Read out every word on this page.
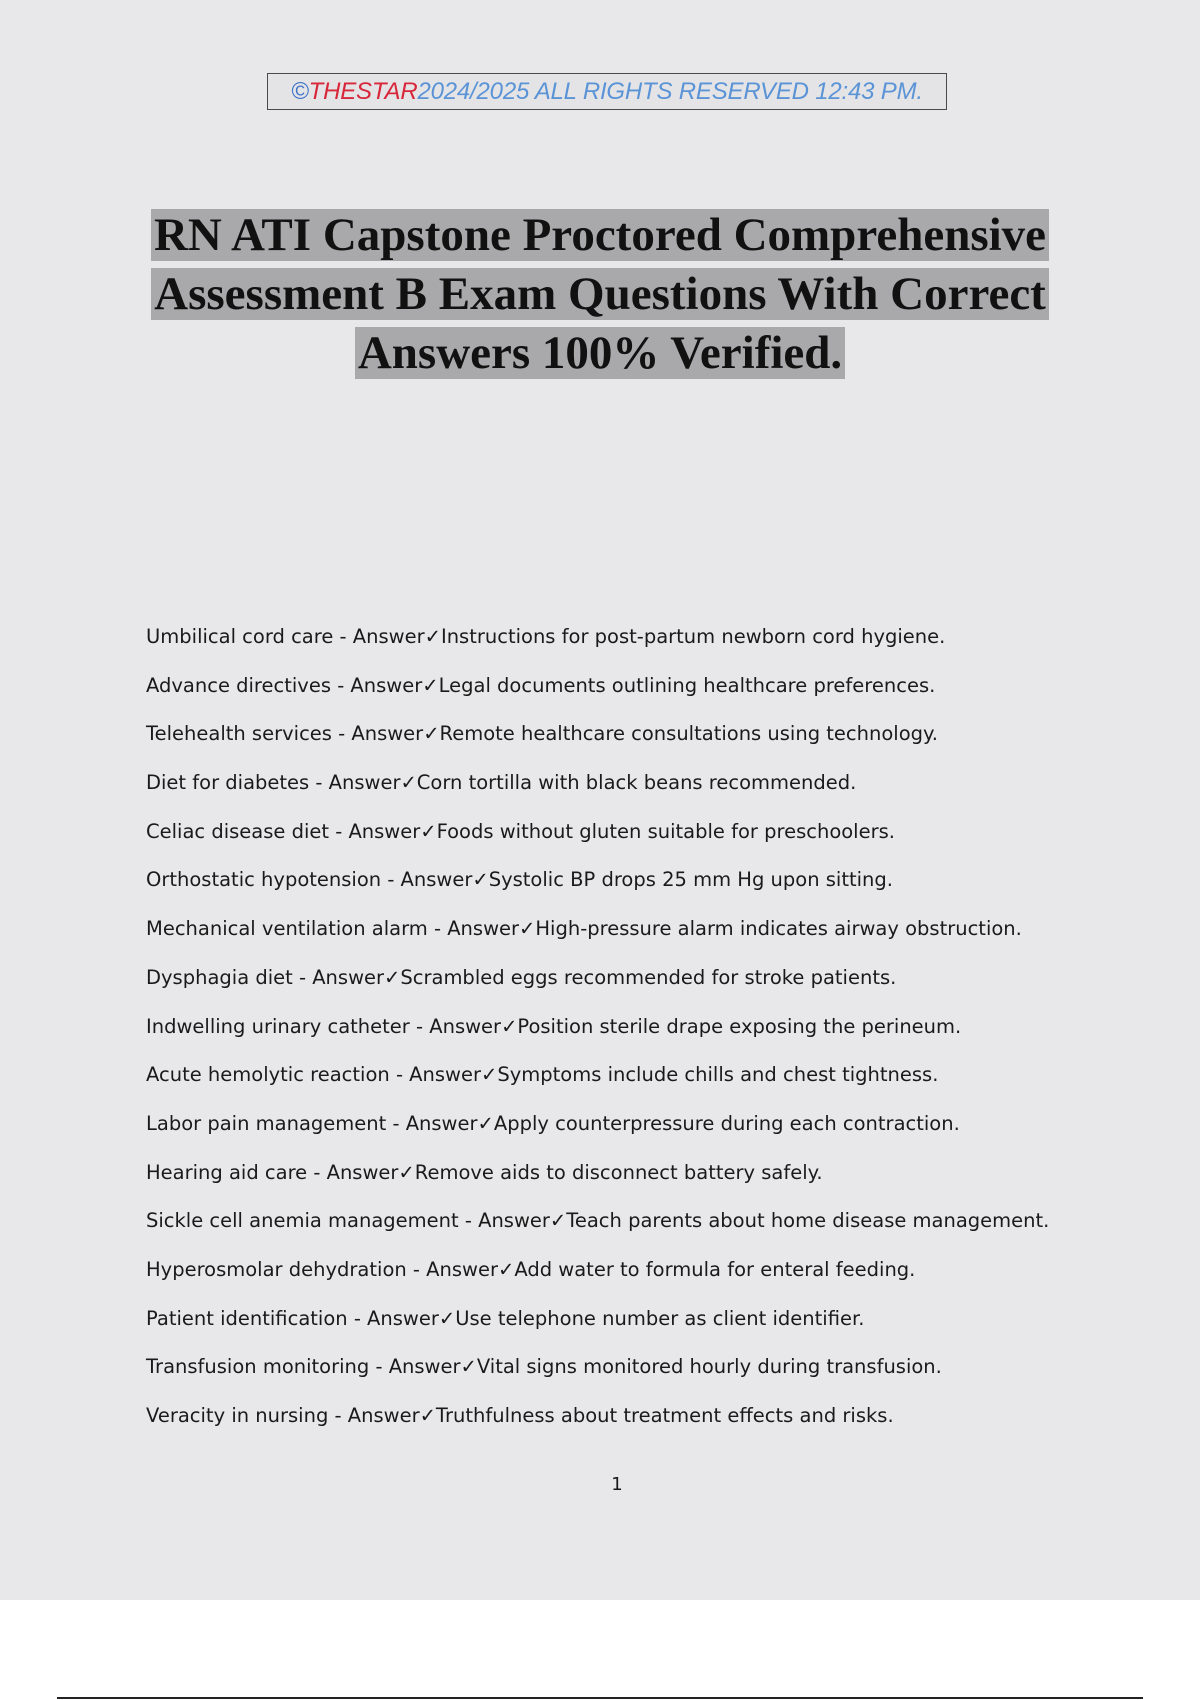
© THESTAR 2024/2025 ALL RIGHTS RESERVED 12:43 PM.
RN ATI Capstone Proctored Comprehensive
Assessment B Exam Questions With Correct
Answers 100% Verified.
Umbilical cord care - Answer✓Instructions for post-partum newborn cord hygiene.
Advance directives - Answer✓Legal documents outlining healthcare preferences.
Telehealth services - Answer✓Remote healthcare consultations using technology.
Diet for diabetes - Answer✓Corn tortilla with black beans recommended.
Celiac disease diet - Answer✓Foods without gluten suitable for preschoolers.
Orthostatic hypotension - Answer✓Systolic BP drops 25 mm Hg upon sitting.
Mechanical ventilation alarm - Answer✓High-pressure alarm indicates airway obstruction.
Dysphagia diet - Answer✓Scrambled eggs recommended for stroke patients.
Indwelling urinary catheter - Answer✓Position sterile drape exposing the perineum.
Acute hemolytic reaction - Answer✓Symptoms include chills and chest tightness.
Labor pain management - Answer✓Apply counterpressure during each contraction.
Hearing aid care - Answer✓Remove aids to disconnect battery safely.
Sickle cell anemia management - Answer✓Teach parents about home disease management.
Hyperosmolar dehydration - Answer✓Add water to formula for enteral feeding.
Patient identification - Answer✓Use telephone number as client identifier.
Transfusion monitoring - Answer✓Vital signs monitored hourly during transfusion.
Veracity in nursing - Answer✓Truthfulness about treatment effects and risks.
1
